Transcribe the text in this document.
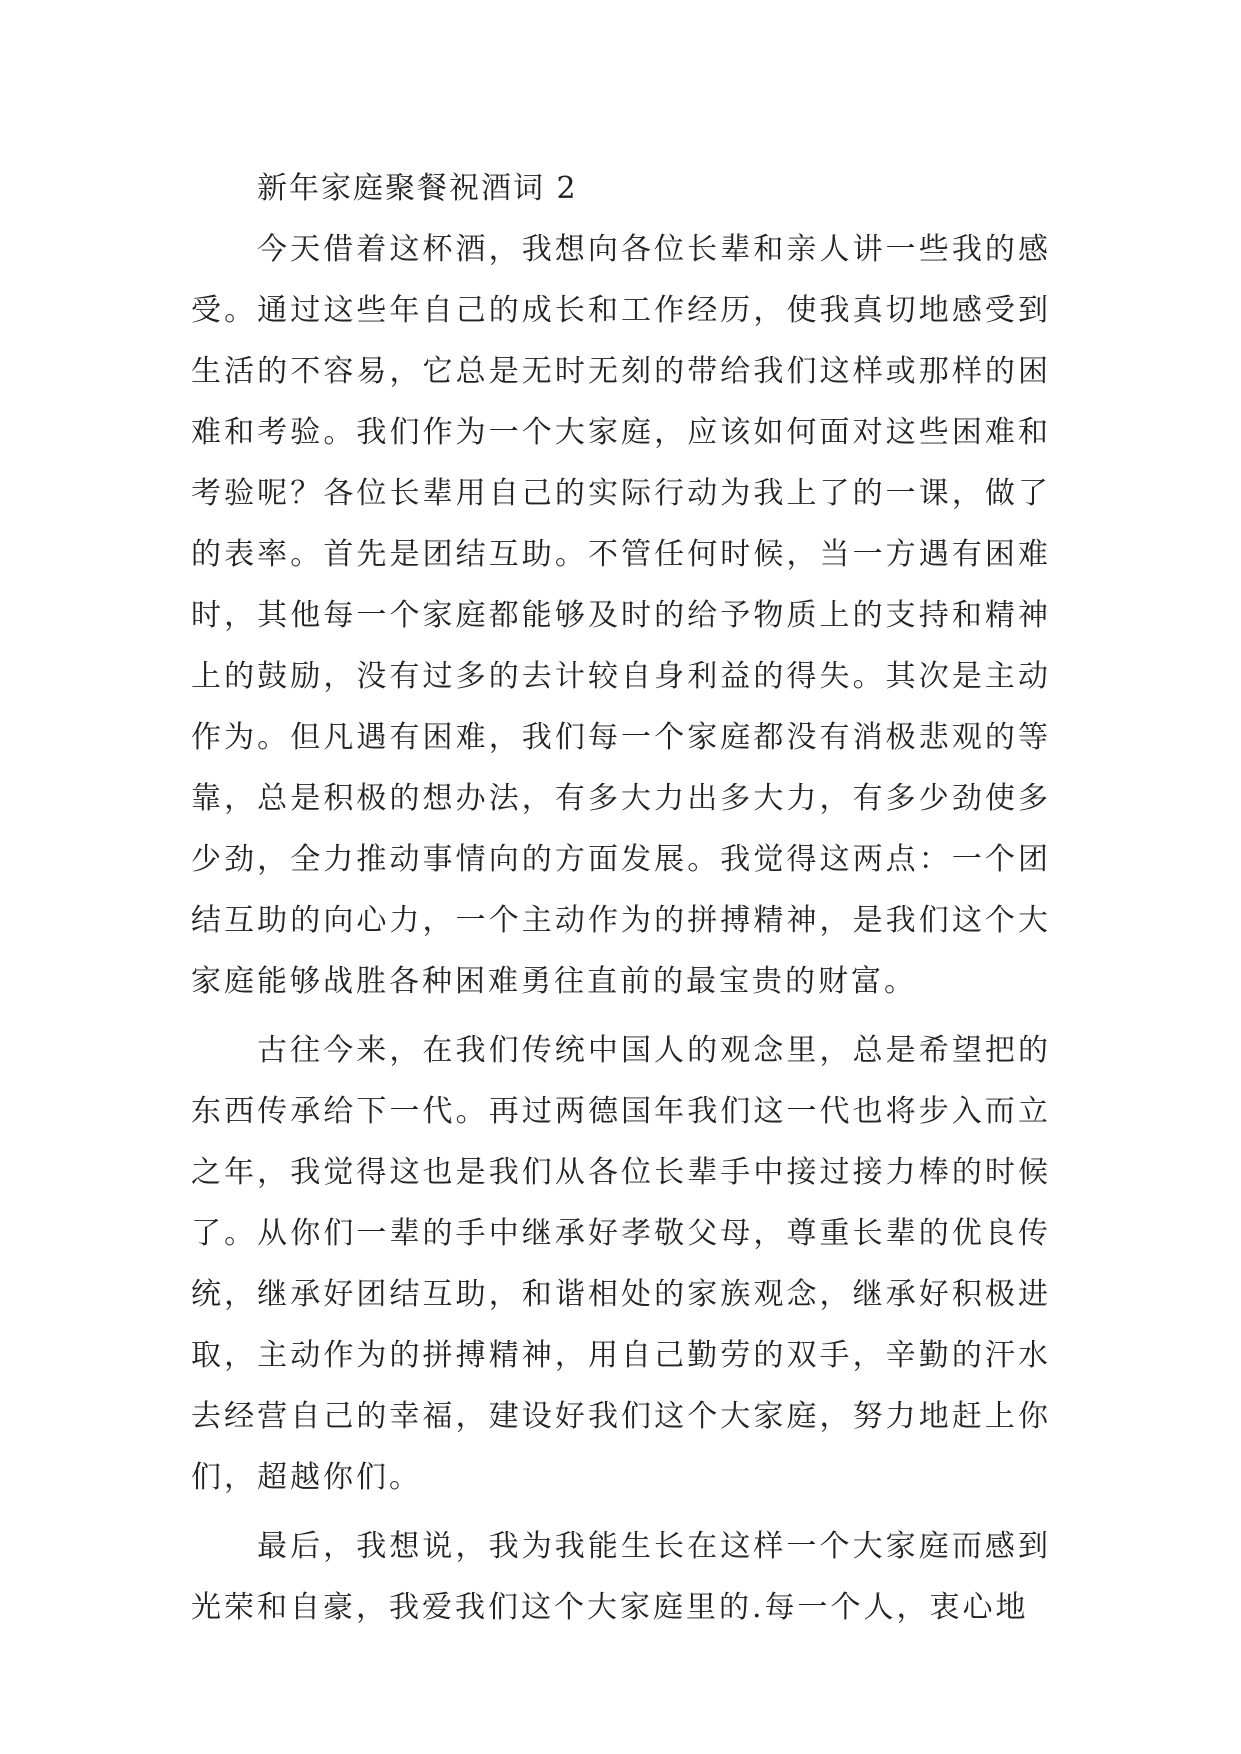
新年家庭聚餐祝酒词 2

今天借着这杯酒，我想向各位长辈和亲人讲一些我的感受。通过这些年自己的成长和工作经历，使我真切地感受到生活的不容易，它总是无时无刻的带给我们这样或那样的困难和考验。我们作为一个大家庭，应该如何面对这些困难和考验呢？各位长辈用自己的实际行动为我上了的一课，做了的表率。首先是团结互助。不管任何时候，当一方遇有困难时，其他每一个家庭都能够及时的给予物质上的支持和精神上的鼓励，没有过多的去计较自身利益的得失。其次是主动作为。但凡遇有困难，我们每一个家庭都没有消极悲观的等靠，总是积极的想办法，有多大力出多大力，有多少劲使多少劲，全力推动事情向的方面发展。我觉得这两点：一个团结互助的向心力，一个主动作为的拼搏精神，是我们这个大家庭能够战胜各种困难勇往直前的最宝贵的财富。

古往今来，在我们传统中国人的观念里，总是希望把的东西传承给下一代。再过两德国年我们这一代也将步入而立之年，我觉得这也是我们从各位长辈手中接过接力棒的时候了。从你们一辈的手中继承好孝敬父母，尊重长辈的优良传统，继承好团结互助，和谐相处的家族观念，继承好积极进取，主动作为的拼搏精神，用自己勤劳的双手，辛勤的汗水去经营自己的幸福，建设好我们这个大家庭，努力地赶上你们，超越你们。

最后，我想说，我为我能生长在这样一个大家庭而感到光荣和自豪，我爱我们这个大家庭里的.每一个人，衷心地
